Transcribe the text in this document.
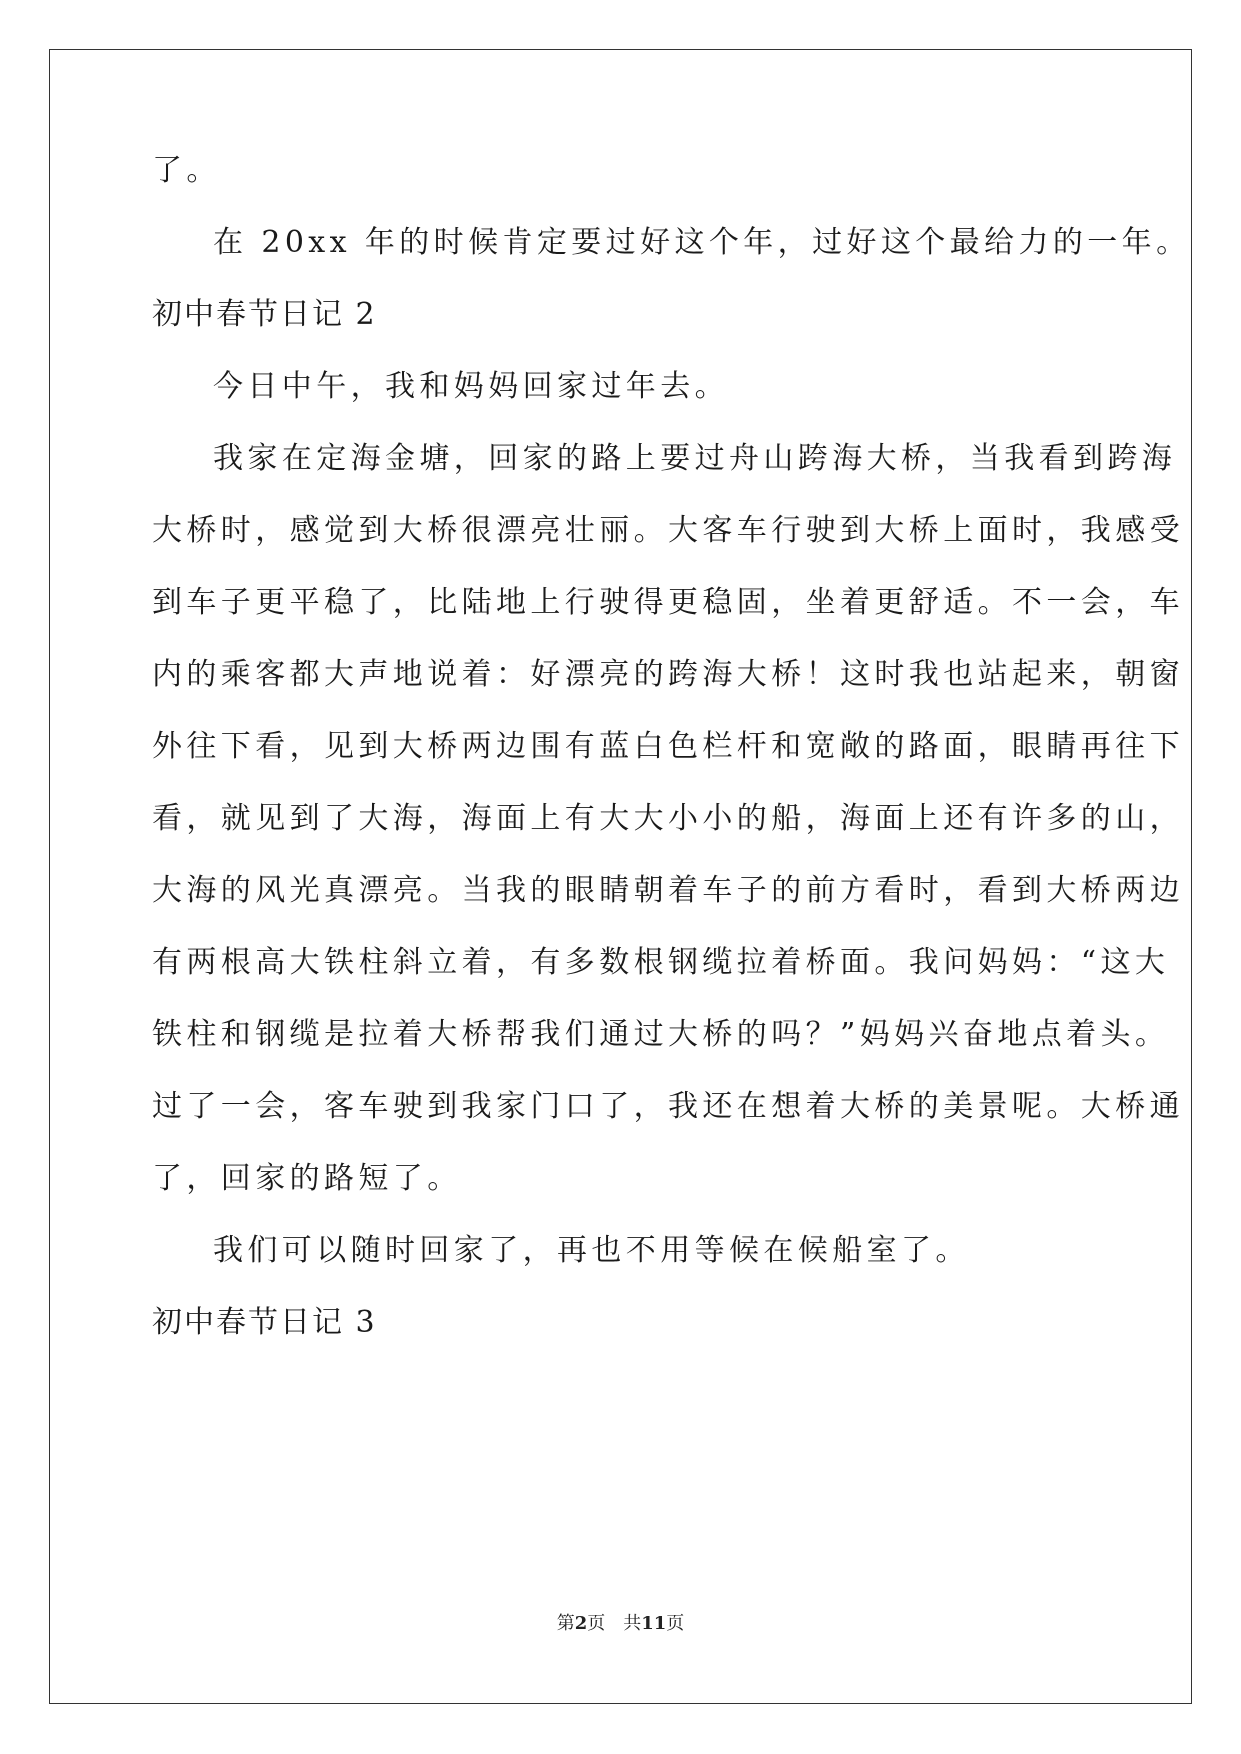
了。

在 20xx 年的时候肯定要过好这个年，过好这个最给力的一年。

初中春节日记 2

今日中午，我和妈妈回家过年去。

我家在定海金塘，回家的路上要过舟山跨海大桥，当我看到跨海

大桥时，感觉到大桥很漂亮壮丽。大客车行驶到大桥上面时，我感受

到车子更平稳了，比陆地上行驶得更稳固，坐着更舒适。不一会，车

内的乘客都大声地说着：好漂亮的跨海大桥！这时我也站起来，朝窗

外往下看，见到大桥两边围有蓝白色栏杆和宽敞的路面，眼睛再往下

看，就见到了大海，海面上有大大小小的船，海面上还有许多的山，

大海的风光真漂亮。当我的眼睛朝着车子的前方看时，看到大桥两边

有两根高大铁柱斜立着，有多数根钢缆拉着桥面。我问妈妈：“这大

铁柱和钢缆是拉着大桥帮我们通过大桥的吗？”妈妈兴奋地点着头。

过了一会，客车驶到我家门口了，我还在想着大桥的美景呢。大桥通

了，回家的路短了。

我们可以随时回家了，再也不用等候在候船室了。

初中春节日记 3

第2页　共11页
